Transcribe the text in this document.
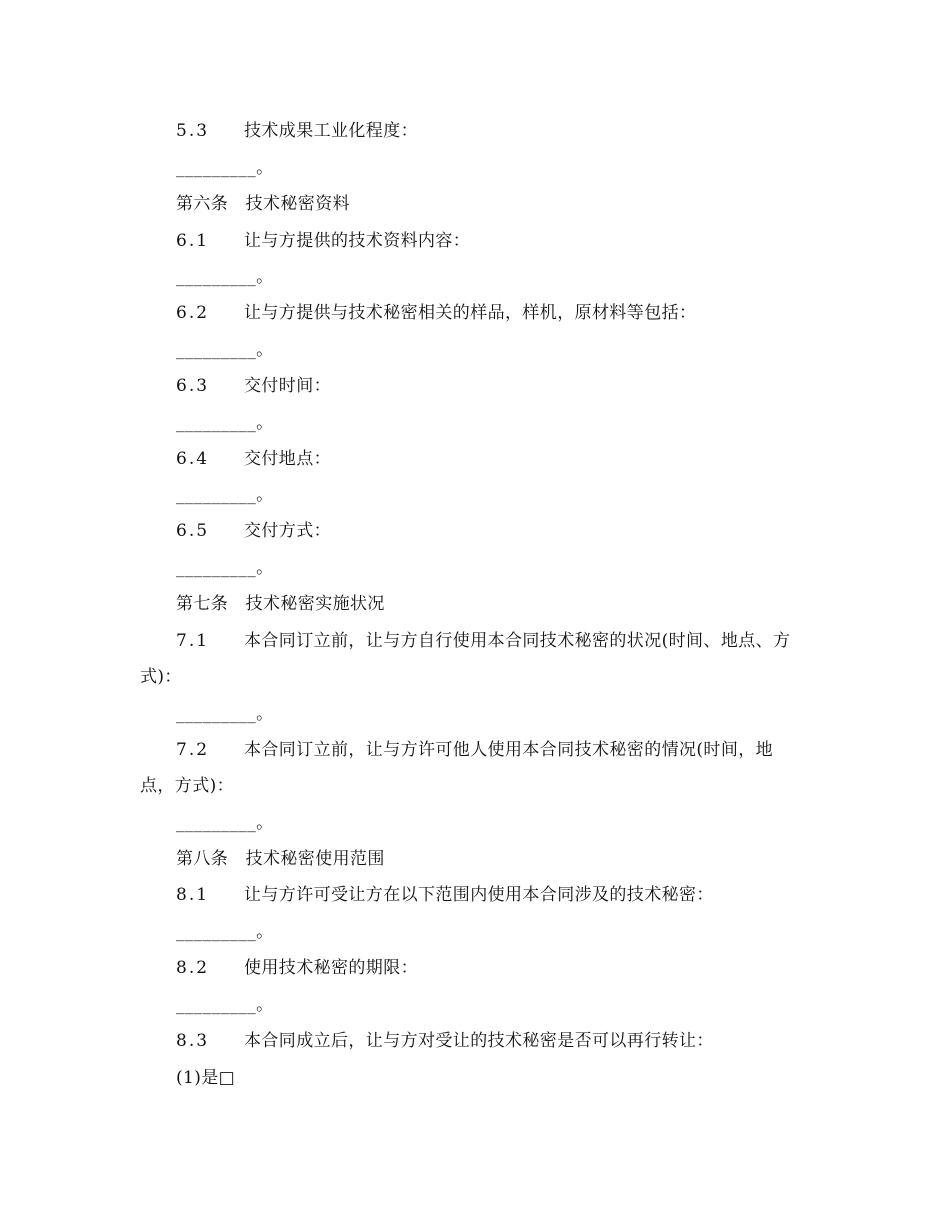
5.3 技术成果工业化程度：
_________。
第六条　技术秘密资料
6.1 让与方提供的技术资料内容：
_________。
6.2 让与方提供与技术秘密相关的样品，样机，原材料等包括：
_________。
6.3 交付时间：
_________。
6.4 交付地点：
_________。
6.5 交付方式：
_________。
第七条　技术秘密实施状况
7.1 本合同订立前，让与方自行使用本合同技术秘密的状况(时间、地点、方
式)：
_________。
7.2 本合同订立前，让与方许可他人使用本合同技术秘密的情况(时间，地
点，方式)：
_________。
第八条　技术秘密使用范围
8.1 让与方许可受让方在以下范围内使用本合同涉及的技术秘密：
_________。
8.2 使用技术秘密的期限：
_________。
8.3 本合同成立后，让与方对受让的技术秘密是否可以再行转让：
(1)是□
